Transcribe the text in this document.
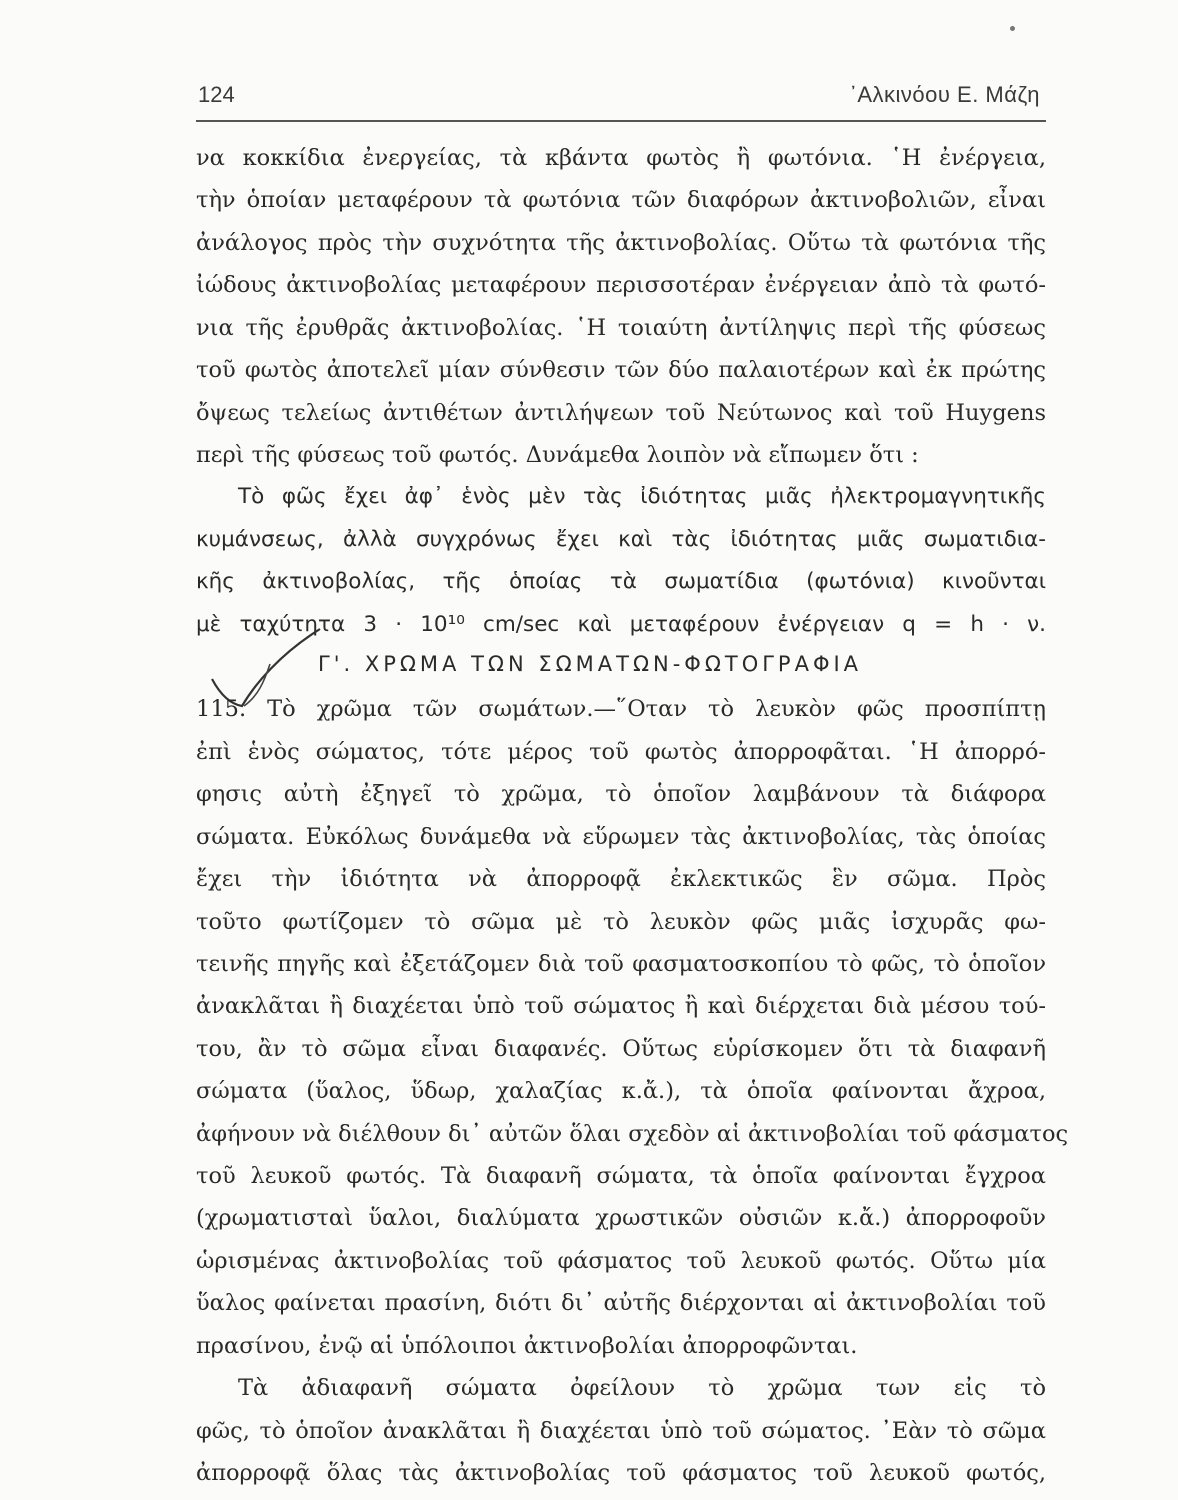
124	᾽Αλκινόου Ε. Μάζη
να κοκκίδια ἐνεργείας, τὰ κβάντα φωτὸς ἢ φωτόνια. ῾Η ἐνέργεια,
τὴν ὁποίαν μεταφέρουν τὰ φωτόνια τῶν διαφόρων ἀκτινοβολιῶν, εἶναι
ἀνάλογος πρὸς τὴν συχνότητα τῆς ἀκτινοβολίας. Οὕτω τὰ φωτόνια τῆς
ἰώδους ἀκτινοβολίας μεταφέρουν περισσοτέραν ἐνέργειαν ἀπὸ τὰ φωτό-
νια τῆς ἐρυθρᾶς ἀκτινοβολίας. ῾Η τοιαύτη ἀντίληψις περὶ τῆς φύσεως
τοῦ φωτὸς ἀποτελεῖ μίαν σύνθεσιν τῶν δύο παλαιοτέρων καὶ ἐκ πρώτης
ὄψεως τελείως ἀντιθέτων ἀντιλήψεων τοῦ Νεύτωνος καὶ τοῦ Huygens
περὶ τῆς φύσεως τοῦ φωτός. Δυνάμεθα λοιπὸν νὰ εἴπωμεν ὅτι :
Τὸ φῶς ἔχει ἀφ᾽ ἑνὸς μὲν τὰς ἰδιότητας μιᾶς ἠλεκτρομαγνητικῆς
κυμάνσεως, ἀλλὰ συγχρόνως ἔχει καὶ τὰς ἰδιότητας μιᾶς σωματιδια-
κῆς ἀκτινοβολίας, τῆς ὁποίας τὰ σωματίδια (φωτόνια) κινοῦνται
μὲ ταχύτητα 3 · 10¹⁰ cm/sec καὶ μεταφέρουν ἐνέργειαν q = h · ν.
Γ'. ΧΡΩΜΑ ΤΩΝ ΣΩΜΑΤΩΝ-ΦΩΤΟΓΡΑΦΙΑ
115. Τὸ χρῶμα τῶν σωμάτων.—῞Οταν τὸ λευκὸν φῶς προσπίπτῃ
ἐπὶ ἑνὸς σώματος, τότε μέρος τοῦ φωτὸς ἀπορροφᾶται. ῾Η ἀπορρό-
φησις αὐτὴ ἐξηγεῖ τὸ χρῶμα, τὸ ὁποῖον λαμβάνουν τὰ διάφορα
σώματα. Εὐκόλως δυνάμεθα νὰ εὕρωμεν τὰς ἀκτινοβολίας, τὰς ὁποίας
ἔχει τὴν ἰδιότητα νὰ ἀπορροφᾷ ἐκλεκτικῶς ἓν σῶμα. Πρὸς
τοῦτο φωτίζομεν τὸ σῶμα μὲ τὸ λευκὸν φῶς μιᾶς ἰσχυρᾶς φω-
τεινῆς πηγῆς καὶ ἐξετάζομεν διὰ τοῦ φασματοσκοπίου τὸ φῶς, τὸ ὁποῖον
ἀνακλᾶται ἢ διαχέεται ὑπὸ τοῦ σώματος ἢ καὶ διέρχεται διὰ μέσου τού-
του, ἂν τὸ σῶμα εἶναι διαφανές. Οὕτως εὑρίσκομεν ὅτι τὰ διαφανῆ
σώματα (ὕαλος, ὕδωρ, χαλαζίας κ.ἄ.), τὰ ὁποῖα φαίνονται ἄχροα,
ἀφήνουν νὰ διέλθουν δι᾽ αὐτῶν ὅλαι σχεδὸν αἱ ἀκτινοβολίαι τοῦ φάσματος
τοῦ λευκοῦ φωτός. Τὰ διαφανῆ σώματα, τὰ ὁποῖα φαίνονται ἔγχροα
(χρωματισταὶ ὕαλοι, διαλύματα χρωστικῶν οὐσιῶν κ.ἄ.) ἀπορροφοῦν
ὡρισμένας ἀκτινοβολίας τοῦ φάσματος τοῦ λευκοῦ φωτός. Οὕτω μία
ὕαλος φαίνεται πρασίνη, διότι δι᾽ αὐτῆς διέρχονται αἱ ἀκτινοβολίαι τοῦ
πρασίνου, ἐνῷ αἱ ὑπόλοιποι ἀκτινοβολίαι ἀπορροφῶνται.
Τὰ ἀδιαφανῆ σώματα ὀφείλουν τὸ χρῶμα των εἰς τὸ
φῶς, τὸ ὁποῖον ἀνακλᾶται ἢ διαχέεται ὑπὸ τοῦ σώματος. ᾽Εὰν τὸ σῶμα
ἀπορροφᾷ ὅλας τὰς ἀκτινοβολίας τοῦ φάσματος τοῦ λευκοῦ φωτός,
